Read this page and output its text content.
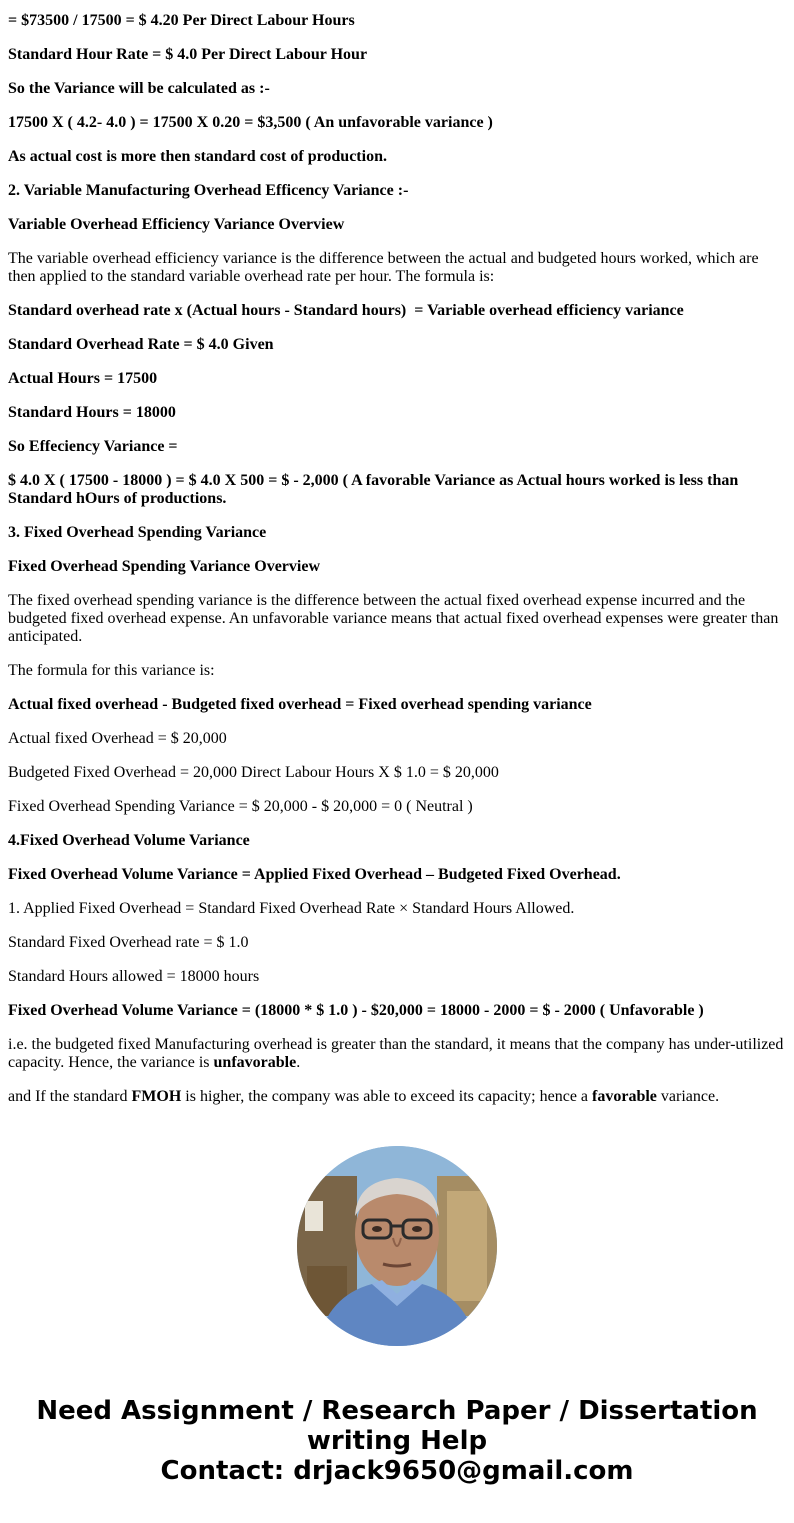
= $73500 / 17500 = $ 4.20 Per Direct Labour Hours

Standard Hour Rate = $ 4.0 Per Direct Labour Hour

So the Variance will be calculated as :-

17500 X ( 4.2- 4.0 ) = 17500 X 0.20 = $3,500 ( An unfavorable variance )

As actual cost is more then standard cost of production.

2. Variable Manufacturing Overhead Efficency Variance :-

Variable Overhead Efficiency Variance Overview

The variable overhead efficiency variance is the difference between the actual and budgeted hours worked, which are then applied to the standard variable overhead rate per hour. The formula is:

Standard overhead rate x (Actual hours - Standard hours)  = Variable overhead efficiency variance

Standard Overhead Rate = $ 4.0 Given

Actual Hours = 17500

Standard Hours = 18000

So Effeciency Variance =

$ 4.0 X ( 17500 - 18000 ) = $ 4.0 X 500 = $ - 2,000 ( A favorable Variance as Actual hours worked is less than Standard hOurs of productions.

3. Fixed Overhead Spending Variance

Fixed Overhead Spending Variance Overview

The fixed overhead spending variance is the difference between the actual fixed overhead expense incurred and the budgeted fixed overhead expense. An unfavorable variance means that actual fixed overhead expenses were greater than anticipated.

The formula for this variance is:

Actual fixed overhead - Budgeted fixed overhead = Fixed overhead spending variance

Actual fixed Overhead = $ 20,000

Budgeted Fixed Overhead = 20,000 Direct Labour Hours X $ 1.0 = $ 20,000

Fixed Overhead Spending Variance = $ 20,000 - $ 20,000 = 0 ( Neutral )

4.Fixed Overhead Volume Variance

Fixed Overhead Volume Variance = Applied Fixed Overhead – Budgeted Fixed Overhead.

1. Applied Fixed Overhead = Standard Fixed Overhead Rate × Standard Hours Allowed.

Standard Fixed Overhead rate = $ 1.0

Standard Hours allowed = 18000 hours

Fixed Overhead Volume Variance = (18000 * $ 1.0 ) - $20,000 = 18000 - 2000 = $ - 2000 ( Unfavorable )

i.e. the budgeted fixed Manufacturing overhead is greater than the standard, it means that the company has under-utilized capacity. Hence, the variance is unfavorable.

and If the standard FMOH is higher, the company was able to exceed its capacity; hence a favorable variance.

Need Assignment / Research Paper / Dissertation
writing Help
Contact: drjack9650@gmail.com
